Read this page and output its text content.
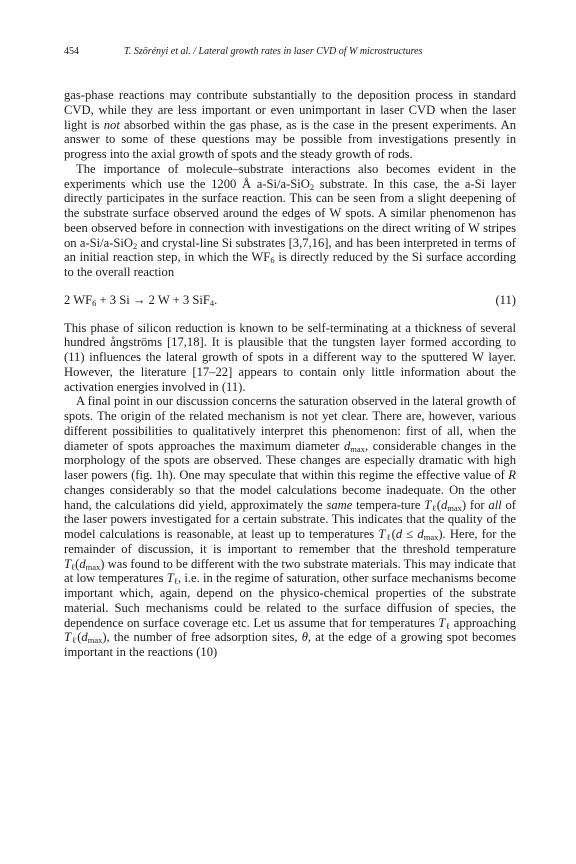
454	T. Szörényi et al. / Lateral growth rates in laser CVD of W microstructures

gas-phase reactions may contribute substantially to the deposition process in standard CVD, while they are less important or even unimportant in laser CVD when the laser light is not absorbed within the gas phase, as is the case in the present experiments. An answer to some of these questions may be possible from investigations presently in progress into the axial growth of spots and the steady growth of rods.

The importance of molecule–substrate interactions also becomes evident in the experiments which use the 1200 Å a-Si/a-SiO$_2$ substrate. In this case, the a-Si layer directly participates in the surface reaction. This can be seen from a slight deepening of the substrate surface observed around the edges of W spots. A similar phenomenon has been observed before in connection with investigations on the direct writing of W stripes on a-Si/a-SiO$_2$ and crystal-line Si substrates [3,7,16], and has been interpreted in terms of an initial reaction step, in which the $WF_6$ is directly reduced by the Si surface according to the overall reaction

2 $WF_6 + 3$ Si → 2 W + 3 SiF$_4$.	(11)

This phase of silicon reduction is known to be self-terminating at a thickness of several hundred ångströms [17,18]. It is plausible that the tungsten layer formed according to (11) influences the lateral growth of spots in a different way to the sputtered W layer. However, the literature [17–22] appears to contain only little information about the activation energies involved in (11).

A final point in our discussion concerns the saturation observed in the lateral growth of spots. The origin of the related mechanism is not yet clear. There are, however, various different possibilities to qualitatively interpret this phenomenon: first of all, when the diameter of spots approaches the maximum diameter $d_{max}$, considerable changes in the morphology of the spots are observed. These changes are especially dramatic with high laser powers (fig. 1h). One may speculate that within this regime the effective value of R changes considerably so that the model calculations become inadequate. On the other hand, the calculations did yield, approximately the same tempera-ture $T_\ell(d_{max})$ for all of the laser powers investigated for a certain substrate. This indicates that the quality of the model calculations is reasonable, at least up to temperatures $T_\ell(d \le d_{max})$. Here, for the remainder of discussion, it is important to remember that the threshold temperature $T_\ell(d_{max})$ was found to be different with the two substrate materials. This may indicate that at low temperatures $T_\ell$, i.e. in the regime of saturation, other surface mechanisms become important which, again, depend on the physico-chemical properties of the substrate material. Such mechanisms could be related to the surface diffusion of species, the dependence on surface coverage etc. Let us assume that for temperatures $T_\ell$ approaching $T_\ell(d_{max})$, the number of free adsorption sites, θ, at the edge of a growing spot becomes important in the reactions (10)
